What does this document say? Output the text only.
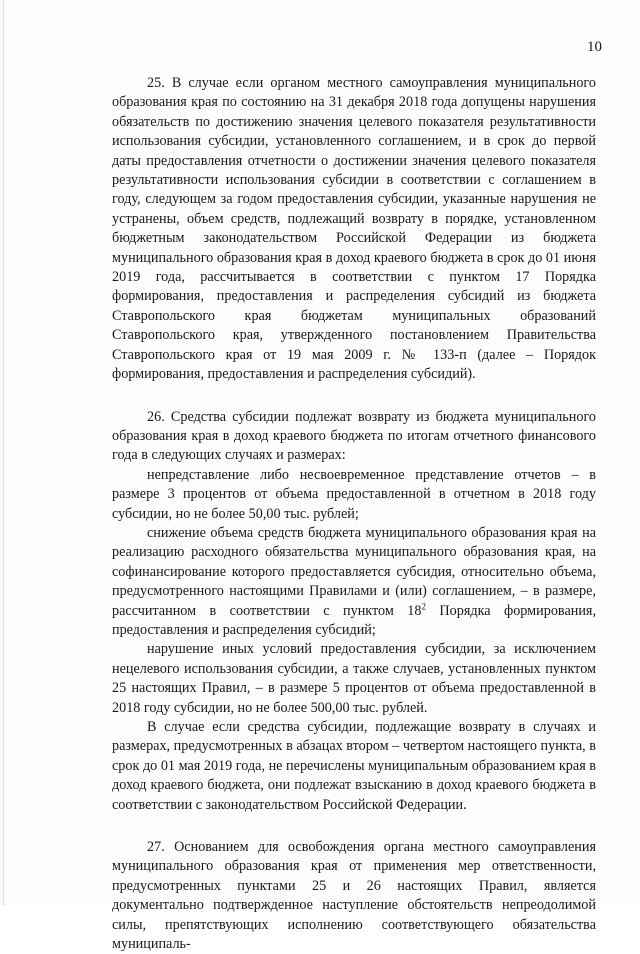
10

25. В случае если органом местного самоуправления муниципального образования края по состоянию на 31 декабря 2018 года допущены нарушения обязательств по достижению значения целевого показателя результативности использования субсидии, установленного соглашением, и в срок до первой даты предоставления отчетности о достижении значения целевого показателя результативности использования субсидии в соответствии с соглашением в году, следующем за годом предоставления субсидии, указанные нарушения не устранены, объем средств, подлежащий возврату в порядке, установленном бюджетным законодательством Российской Федерации из бюджета муниципального образования края в доход краевого бюджета в срок до 01 июня 2019 года, рассчитывается в соответствии с пунктом 17 Порядка формирования, предоставления и распределения субсидий из бюджета Ставропольского края бюджетам муниципальных образований Ставропольского края, утвержденного постановлением Правительства Ставропольского края от 19 мая 2009 г. № 133-п (далее – Порядок формирования, предоставления и распределения субсидий).

26. Средства субсидии подлежат возврату из бюджета муниципального образования края в доход краевого бюджета по итогам отчетного финансового года в следующих случаях и размерах:

непредставление либо несвоевременное представление отчетов – в размере 3 процентов от объема предоставленной в отчетном в 2018 году субсидии, но не более 50,00 тыс. рублей;

снижение объема средств бюджета муниципального образования края на реализацию расходного обязательства муниципального образования края, на софинансирование которого предоставляется субсидия, относительно объема, предусмотренного настоящими Правилами и (или) соглашением, – в размере, рассчитанном в соответствии с пунктом $18^2$ Порядка формирования, предоставления и распределения субсидий;

нарушение иных условий предоставления субсидии, за исключением нецелевого использования субсидии, а также случаев, установленных пунктом 25 настоящих Правил, – в размере 5 процентов от объема предоставленной в 2018 году субсидии, но не более 500,00 тыс. рублей.

В случае если средства субсидии, подлежащие возврату в случаях и размерах, предусмотренных в абзацах втором – четвертом настоящего пункта, в срок до 01 мая 2019 года, не перечислены муниципальным образованием края в доход краевого бюджета, они подлежат взысканию в доход краевого бюджета в соответствии с законодательством Российской Федерации.

27. Основанием для освобождения органа местного самоуправления муниципального образования края от применения мер ответственности, предусмотренных пунктами 25 и 26 настоящих Правил, является документально подтвержденное наступление обстоятельств непреодолимой силы, препятствующих исполнению соответствующего обязательства муниципаль-
